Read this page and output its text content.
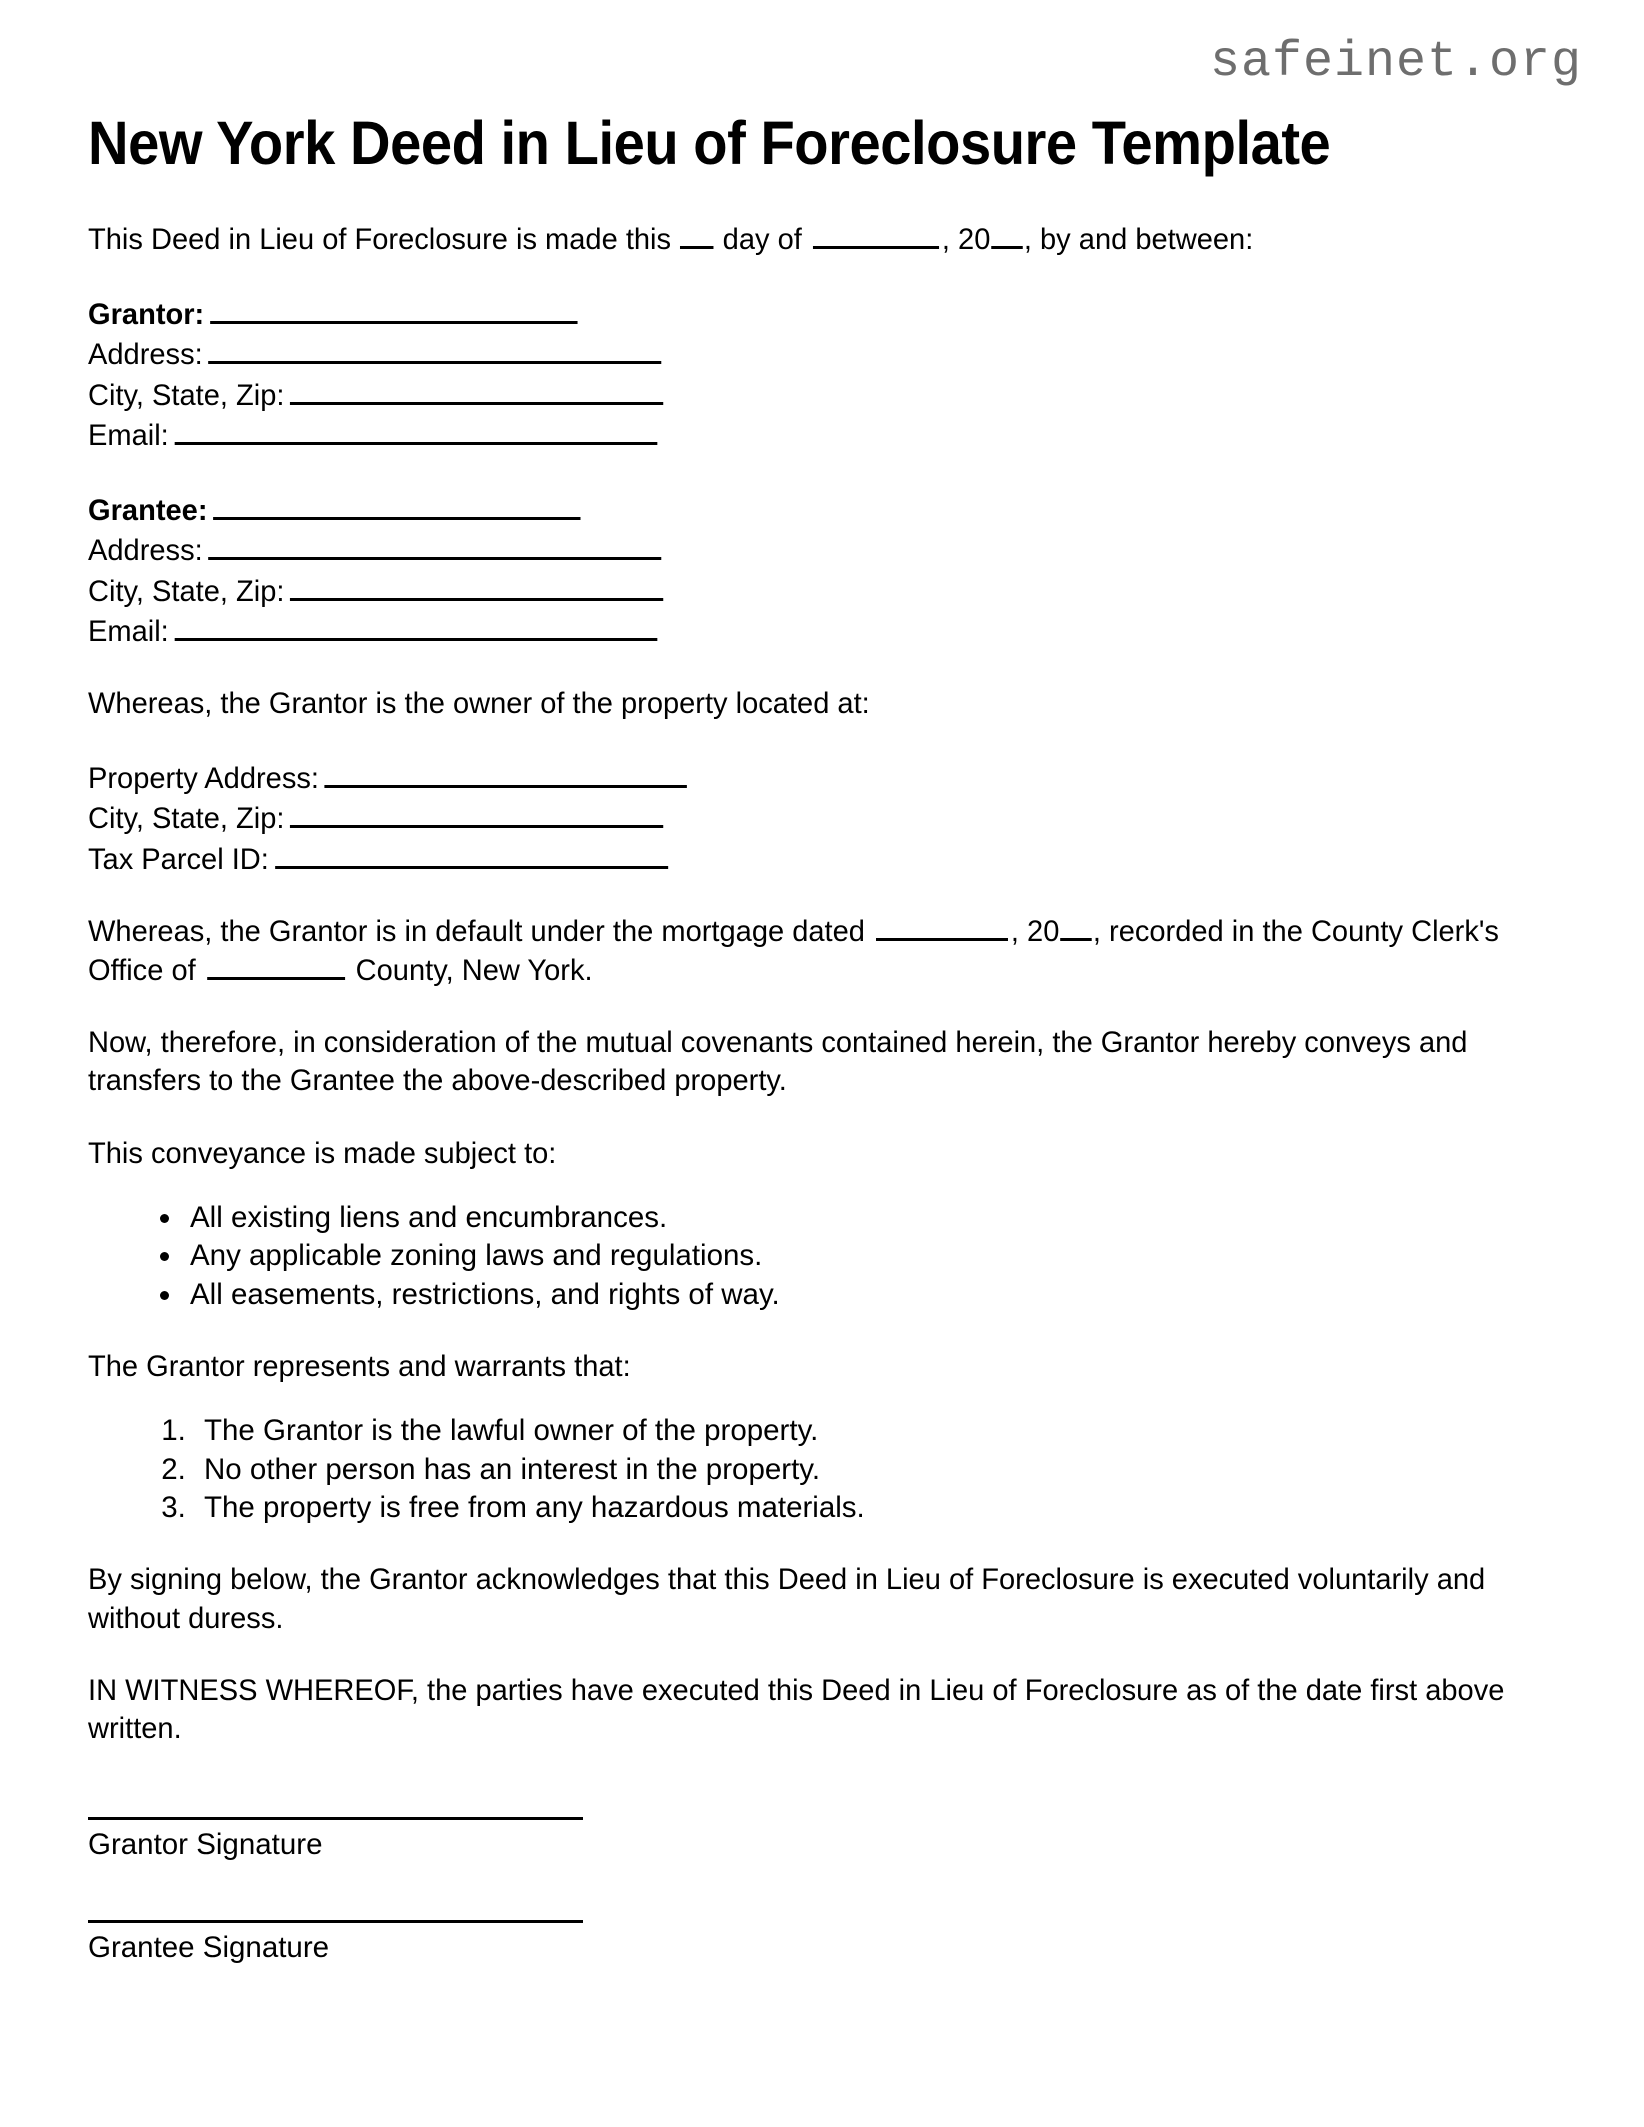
safeinet.org
New York Deed in Lieu of Foreclosure Template

This Deed in Lieu of Foreclosure is made this day of	, 20 , by and between:

Grantor:
Address:
City, State, Zip:
Email:
Grantee:
Address:
City, State, Zip:
Email:

Whereas, the Grantor is the owner of the property located at:

Property Address:
City, State, Zip:
Tax Parcel ID:

Whereas, the Grantor is in default under the mortgage dated	, 20 , recorded in the County Clerk's Office of	County, New York.

Now, therefore, in consideration of the mutual covenants contained herein, the Grantor hereby conveys and transfers to the Grantee the above-described property.

This conveyance is made subject to:

• All existing liens and encumbrances.
• Any applicable zoning laws and regulations.
• All easements, restrictions, and rights of way.

The Grantor represents and warrants that:

1. The Grantor is the lawful owner of the property.
2. No other person has an interest in the property.
3. The property is free from any hazardous materials.

By signing below, the Grantor acknowledges that this Deed in Lieu of Foreclosure is executed voluntarily and without duress.

IN WITNESS WHEREOF, the parties have executed this Deed in Lieu of Foreclosure as of the date first above written.

Grantor Signature
Grantee Signature
